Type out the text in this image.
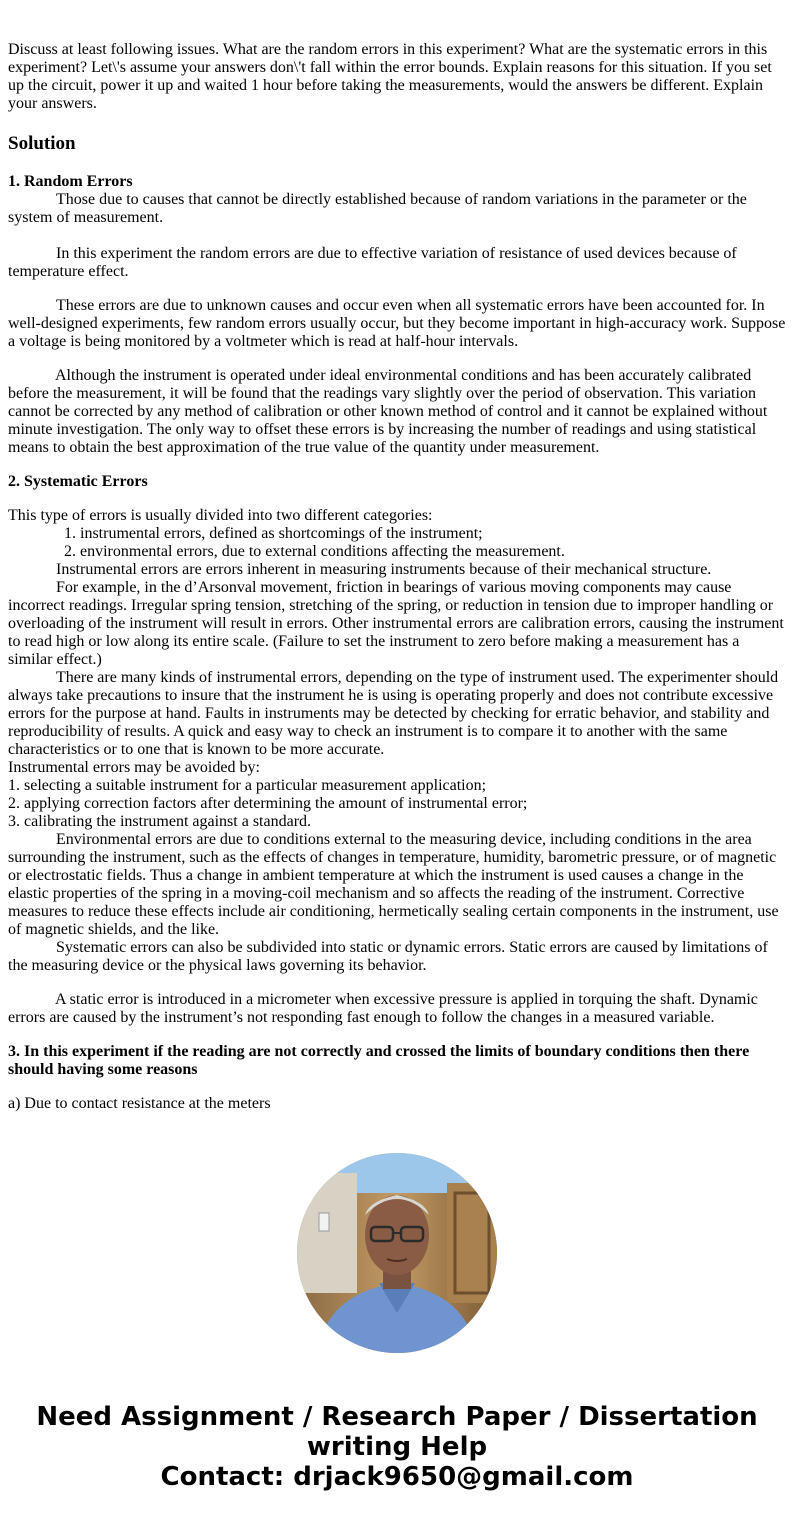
Discuss at least following issues. What are the random errors in this experiment? What are the systematic errors in this experiment? Let\'s assume your answers don\'t fall within the error bounds. Explain reasons for this situation. If you set up the circuit, power it up and waited 1 hour before taking the measurements, would the answers be different. Explain your answers.

Solution

1. Random Errors

Those due to causes that cannot be directly established because of random variations in the parameter or the system of measurement.

In this experiment the random errors are due to effective variation of resistance of used devices because of temperature effect.

These errors are due to unknown causes and occur even when all systematic errors have been accounted for. In well-designed experiments, few random errors usually occur, but they become important in high-accuracy work. Suppose a voltage is being monitored by a voltmeter which is read at half-hour intervals.

Although the instrument is operated under ideal environmental conditions and has been accurately calibrated before the measurement, it will be found that the readings vary slightly over the period of observation. This variation cannot be corrected by any method of calibration or other known method of control and it cannot be explained without minute investigation. The only way to offset these errors is by increasing the number of readings and using statistical means to obtain the best approximation of the true value of the quantity under measurement.

2. Systematic Errors

This type of errors is usually divided into two different categories:

1. instrumental errors, defined as shortcomings of the instrument;
2. environmental errors, due to external conditions affecting the measurement.

Instrumental errors are errors inherent in measuring instruments because of their mechanical structure.

For example, in the d’Arsonval movement, friction in bearings of various moving components may cause incorrect readings. Irregular spring tension, stretching of the spring, or reduction in tension due to improper handling or overloading of the instrument will result in errors. Other instrumental errors are calibration errors, causing the instrument to read high or low along its entire scale. (Failure to set the instrument to zero before making a measurement has a similar effect.)

There are many kinds of instrumental errors, depending on the type of instrument used. The experimenter should always take precautions to insure that the instrument he is using is operating properly and does not contribute excessive errors for the purpose at hand. Faults in instruments may be detected by checking for erratic behavior, and stability and reproducibility of results. A quick and easy way to check an instrument is to compare it to another with the same characteristics or to one that is known to be more accurate.

Instrumental errors may be avoided by:

1. selecting a suitable instrument for a particular measurement application;

2. applying correction factors after determining the amount of instrumental error;

3. calibrating the instrument against a standard.

Environmental errors are due to conditions external to the measuring device, including conditions in the area surrounding the instrument, such as the effects of changes in temperature, humidity, barometric pressure, or of magnetic or electrostatic fields. Thus a change in ambient temperature at which the instrument is used causes a change in the elastic properties of the spring in a moving-coil mechanism and so affects the reading of the instrument. Corrective measures to reduce these effects include air conditioning, hermetically sealing certain components in the instrument, use of magnetic shields, and the like.

Systematic errors can also be subdivided into static or dynamic errors. Static errors are caused by limitations of the measuring device or the physical laws governing its behavior.

A static error is introduced in a micrometer when excessive pressure is applied in torquing the shaft. Dynamic errors are caused by the instrument’s not responding fast enough to follow the changes in a measured variable.

3. In this experiment if the reading are not correctly and crossed the limits of boundary conditions then there should having some reasons

a) Due to contact resistance at the meters

Need Assignment / Research Paper / Dissertation
writing Help
Contact: drjack9650@gmail.com
